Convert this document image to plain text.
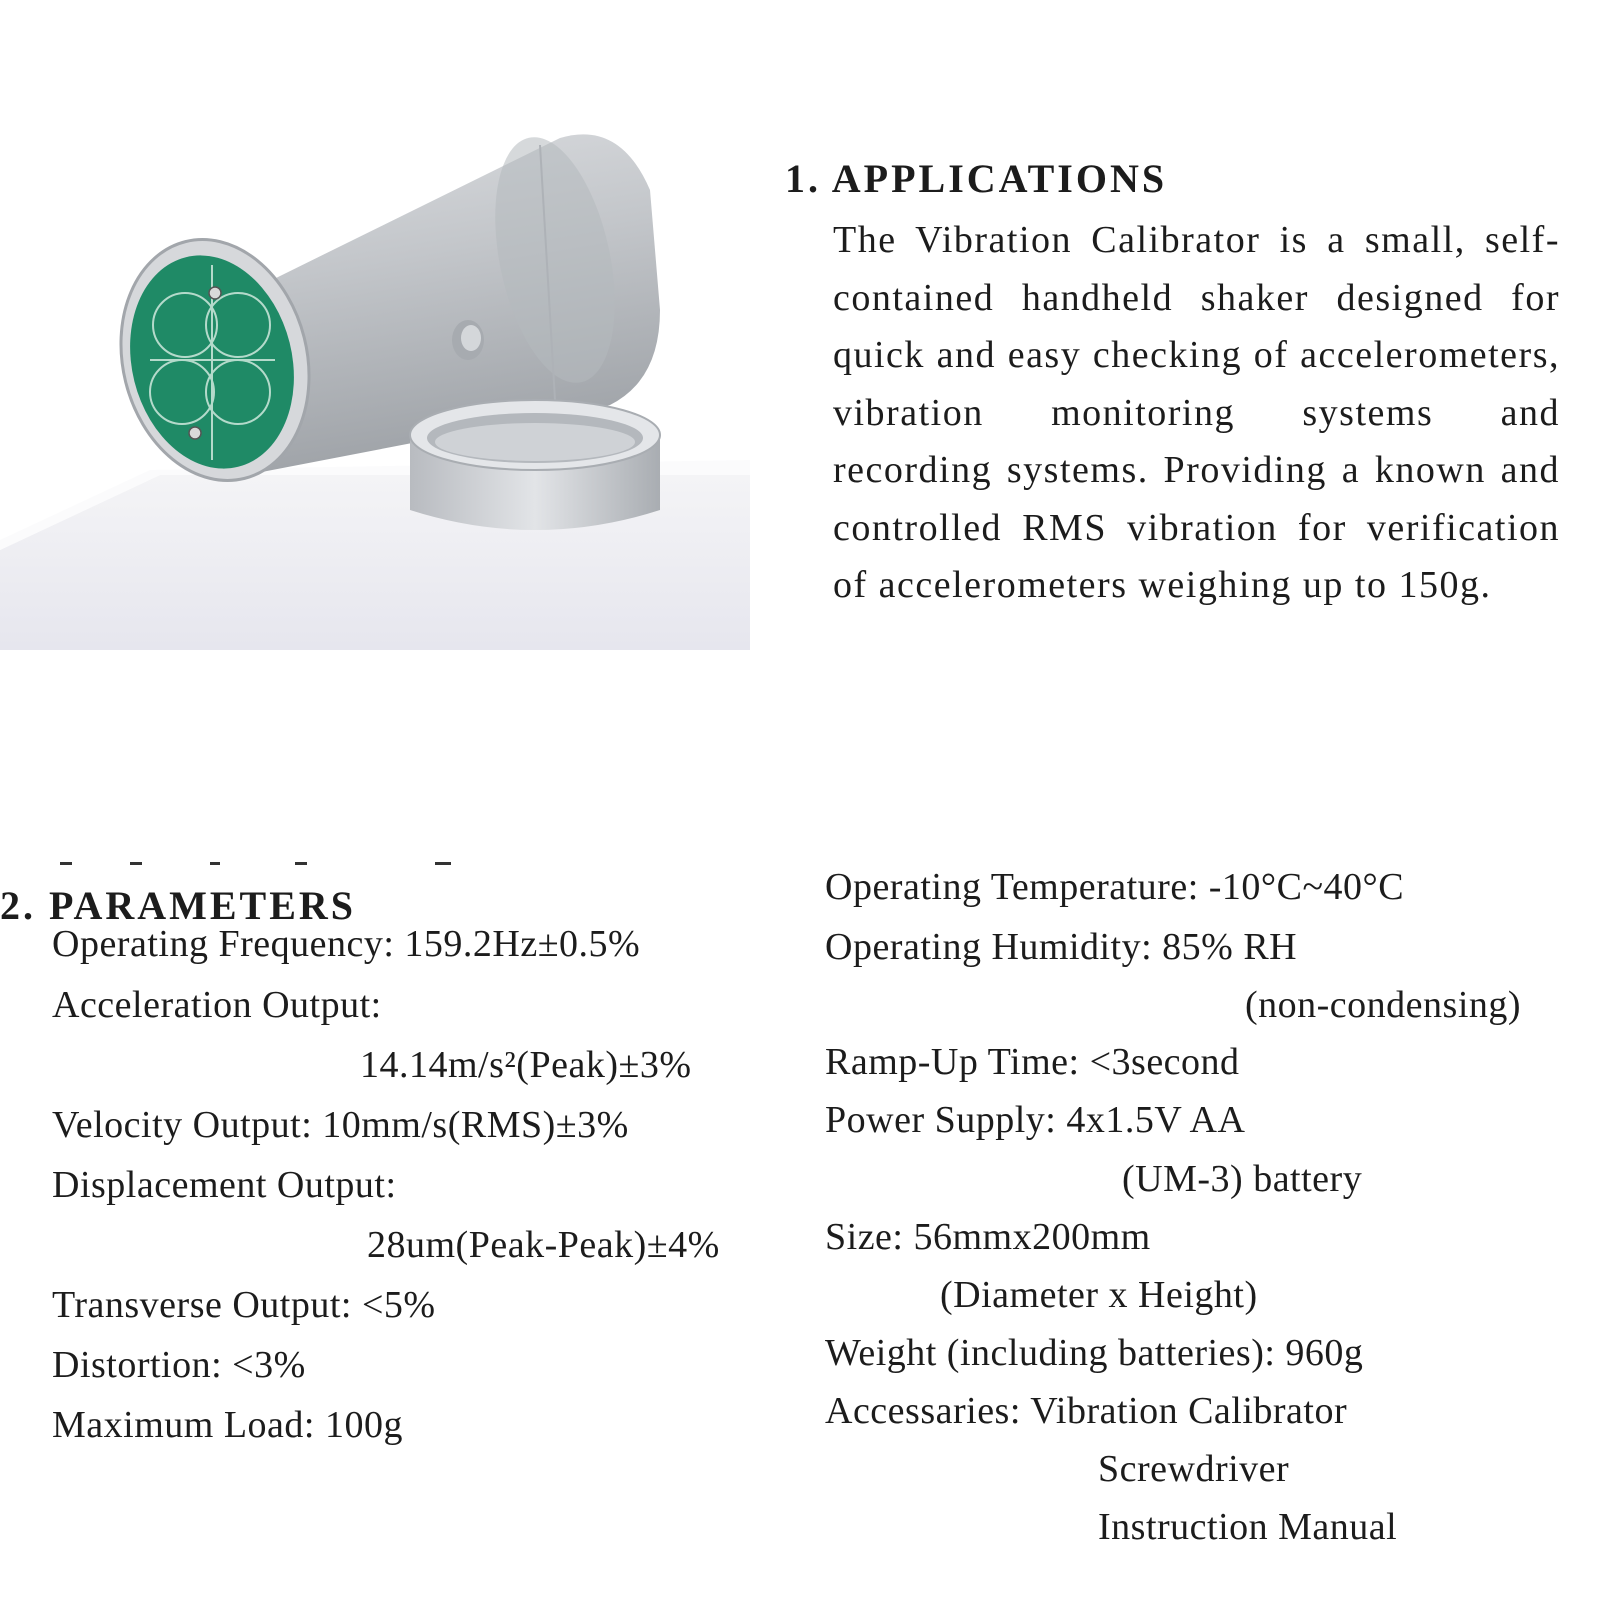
1. APPLICATIONS

The Vibration Calibrator is a small, self-contained handheld shaker designed for quick and easy checking of accelerometers, vibration monitoring systems and recording systems. Providing a known and controlled RMS vibration for verification of accelerometers weighing up to 150g.

2. PARAMETERS

Operating Frequency: 159.2Hz±0.5%

Acceleration Output:

14.14m/s²(Peak)±3%

Velocity Output: 10mm/s(RMS)±3%

Displacement Output:

28um(Peak-Peak)±4%

Transverse Output: <5%

Distortion: <3%

Maximum Load: 100g

Operating Temperature: -10°C~40°C

Operating Humidity: 85% RH

(non-condensing)

Ramp-Up Time: <3second

Power Supply: 4x1.5V AA

(UM-3) battery

Size: 56mmx200mm

(Diameter x Height)

Weight (including batteries): 960g

Accessaries: Vibration Calibrator

Screwdriver

Instruction Manual
